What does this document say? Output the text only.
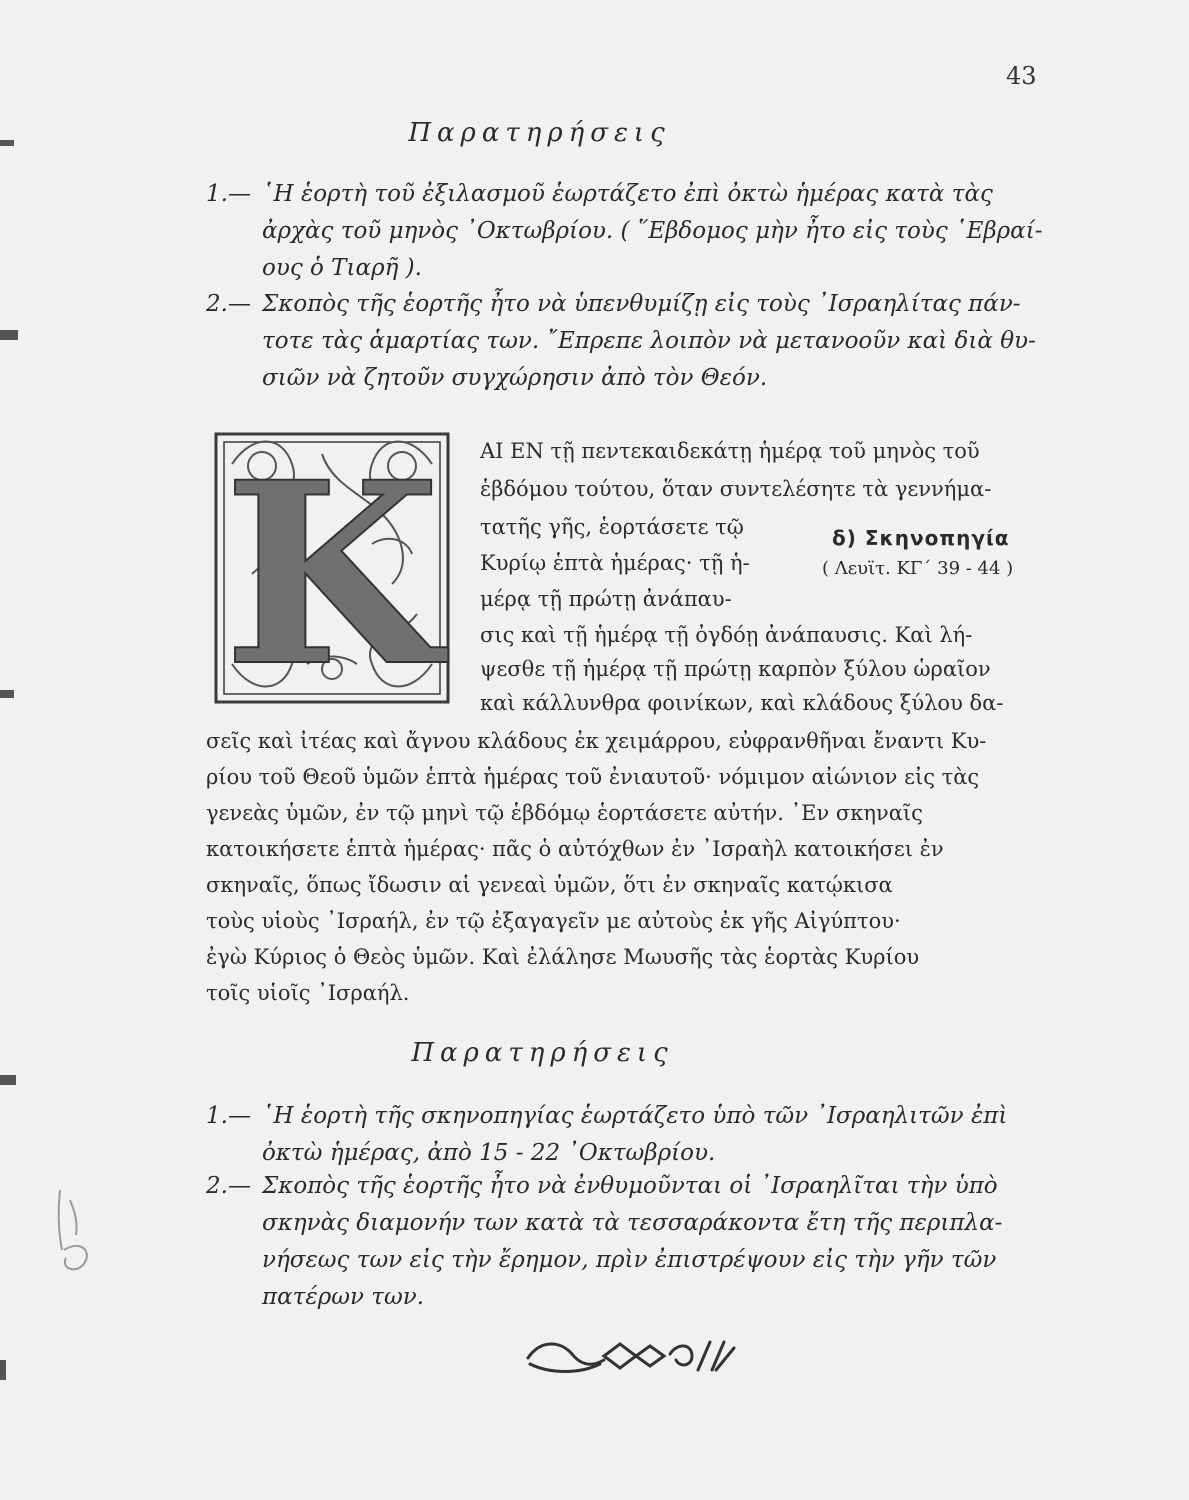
43
Παρατηρήσεις
1.— ῾Η ἑορτὴ τοῦ ἐξιλασμοῦ ἑωρτάζετο ἐπὶ ὀκτὼ ἡμέρας κατὰ τὰς
ἀρχὰς τοῦ μηνὸς ᾿Οκτωβρίου. ( ῞Εβδομος μὴν ἦτο εἰς τοὺς ῾Εβραί-
ους ὁ Τιαρῆ ).
2.— Σκοπὸς τῆς ἑορτῆς ἦτο νὰ ὑπενθυμίζῃ εἰς τοὺς ᾿Ισραηλίτας πάν-
τοτε τὰς ἁμαρτίας των. ῎Επρεπε λοιπὸν νὰ μετανοοῦν καὶ διὰ θυ-
σιῶν νὰ ζητοῦν συγχώρησιν ἀπὸ τὸν Θεόν.
K	δ) Σκηνοπηγία
( Λευϊτ. ΚΓ΄ 39 - 44 )
ΑΙ ΕΝ τῇ πεντεκαιδεκάτῃ ἡμέρᾳ τοῦ μηνὸς τοῦ
ἑβδόμου τούτου, ὅταν συντελέσητε τὰ γεννήμα-
τατῆς γῆς, ἑορτάσετε τῷ
Κυρίῳ ἑπτὰ ἡμέρας· τῇ ἡ-
μέρᾳ τῇ πρώτῃ ἀνάπαυ-
σις καὶ τῇ ἡμέρᾳ τῇ ὀγδόῃ ἀνάπαυσις. Καὶ λή-
ψεσθε τῇ ἡμέρᾳ τῇ πρώτῃ καρπὸν ξύλου ὡραῖον
καὶ κάλλυνθρα φοινίκων, καὶ κλάδους ξύλου δα-
σεῖς καὶ ἰτέας καὶ ἄγνου κλάδους ἐκ χειμάρρου, εὐφρανθῆναι ἔναντι Κυ-
ρίου τοῦ Θεοῦ ὑμῶν ἑπτὰ ἡμέρας τοῦ ἐνιαυτοῦ· νόμιμον αἰώνιον εἰς τὰς
γενεὰς ὑμῶν, ἐν τῷ μηνὶ τῷ ἑβδόμῳ ἑορτάσετε αὐτήν. ᾿Εν σκηναῖς
κατοικήσετε ἑπτὰ ἡμέρας· πᾶς ὁ αὐτόχθων ἐν ᾿Ισραὴλ κατοικήσει ἐν
σκηναῖς, ὅπως ἴδωσιν αἱ γενεαὶ ὑμῶν, ὅτι ἐν σκηναῖς κατῴκισα
τοὺς υἱοὺς ᾿Ισραήλ, ἐν τῷ ἐξαγαγεῖν με αὐτοὺς ἐκ γῆς Αἰγύπτου·
ἐγὼ Κύριος ὁ Θεὸς ὑμῶν. Καὶ ἐλάλησε Μωυσῆς τὰς ἑορτὰς Κυρίου
τοῖς υἱοῖς ᾿Ισραήλ.
Παρατηρήσεις
1.— ῾Η ἑορτὴ τῆς σκηνοπηγίας ἑωρτάζετο ὑπὸ τῶν ᾿Ισραηλιτῶν ἐπὶ
ὀκτὼ ἡμέρας, ἀπὸ 15 - 22 ᾿Οκτωβρίου.
2.— Σκοπὸς τῆς ἑορτῆς ἦτο νὰ ἐνθυμοῦνται οἱ ᾿Ισραηλῖται τὴν ὑπὸ
σκηνὰς διαμονήν των κατὰ τὰ τεσσαράκοντα ἔτη τῆς περιπλα-
νήσεως των εἰς τὴν ἔρημον, πρὶν ἐπιστρέψουν εἰς τὴν γῆν τῶν
πατέρων των.
